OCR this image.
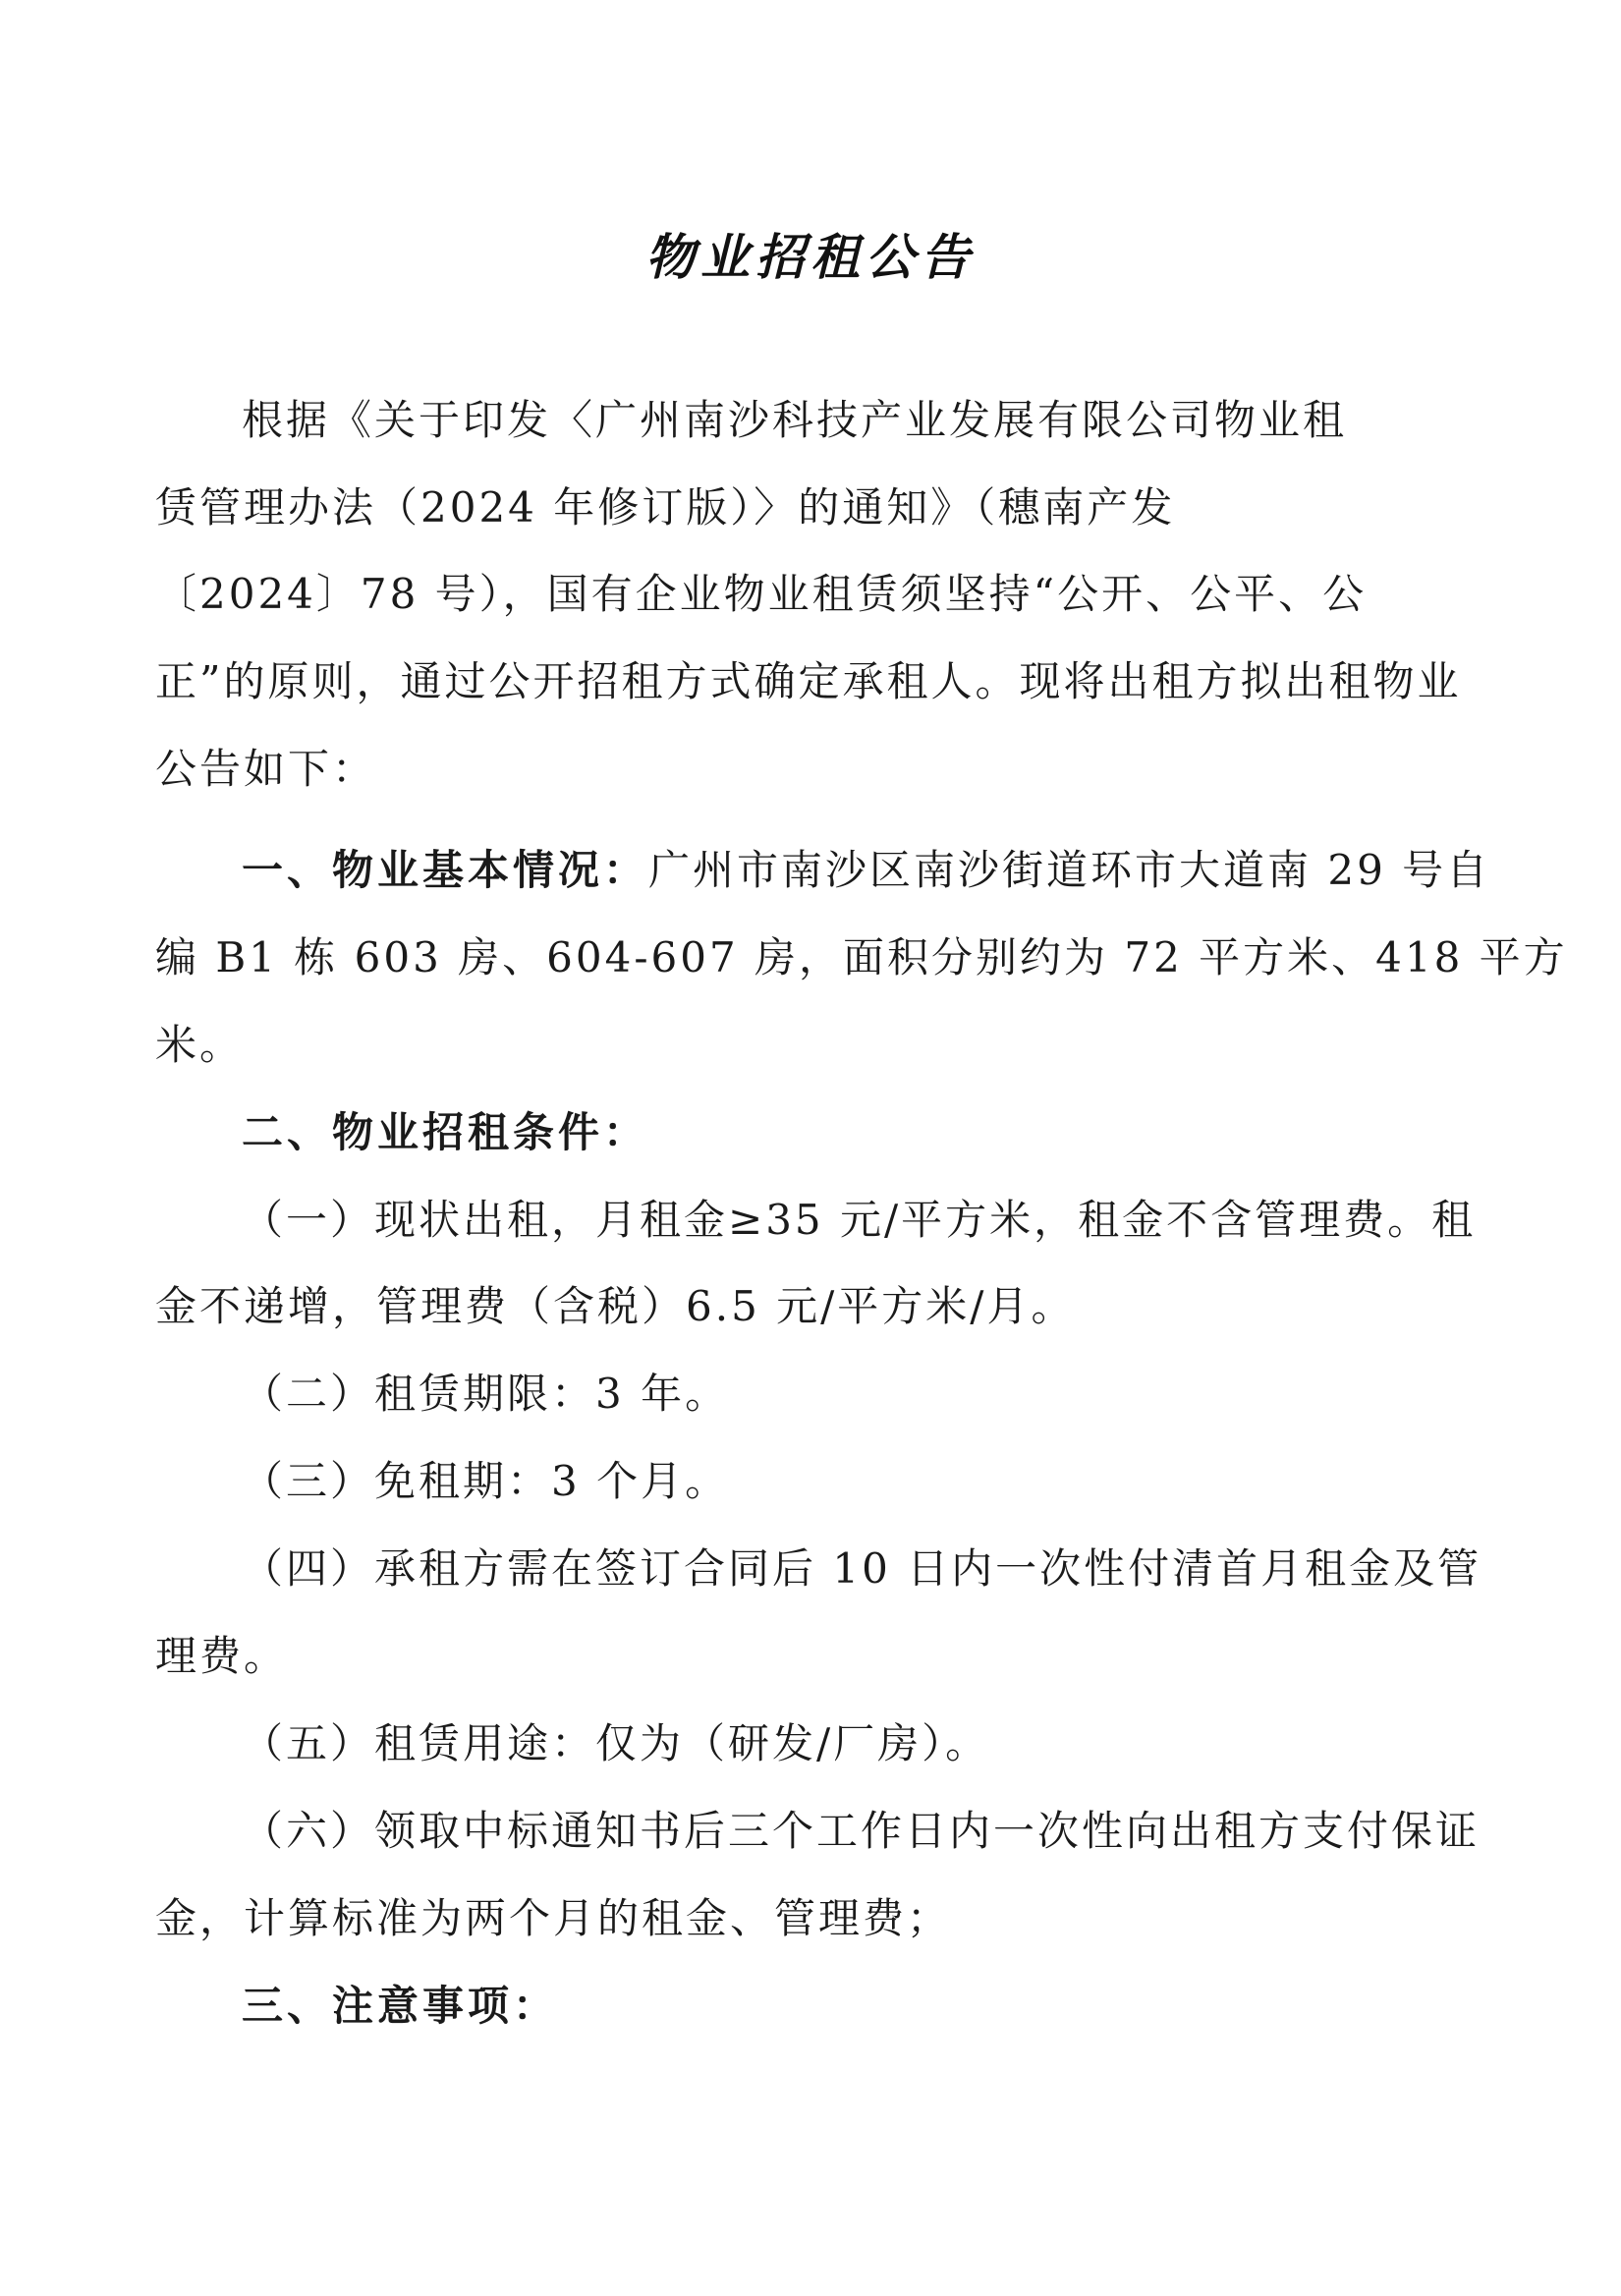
物业招租公告
根据《关于印发〈广州南沙科技产业发展有限公司物业租
赁管理办法（2024 年修订版）〉的通知》（穗南产发
〔2024〕78 号），国有企业物业租赁须坚持“公开、公平、公
正”的原则，通过公开招租方式确定承租人。现将出租方拟出租物业
公告如下：
一、物业基本情况：广州市南沙区南沙街道环市大道南 29 号自
编 B1 栋 603 房、604-607 房，面积分别约为 72 平方米、418 平方
米。
二、物业招租条件：
（一）现状出租，月租金≥35 元/平方米，租金不含管理费。租
金不递增，管理费（含税）6.5 元/平方米/月。
（二）租赁期限：3 年。
（三）免租期：3 个月。
（四）承租方需在签订合同后 10 日内一次性付清首月租金及管
理费。
（五）租赁用途：仅为（研发/厂房）。
（六）领取中标通知书后三个工作日内一次性向出租方支付保证
金，计算标准为两个月的租金、管理费；
三、注意事项：
